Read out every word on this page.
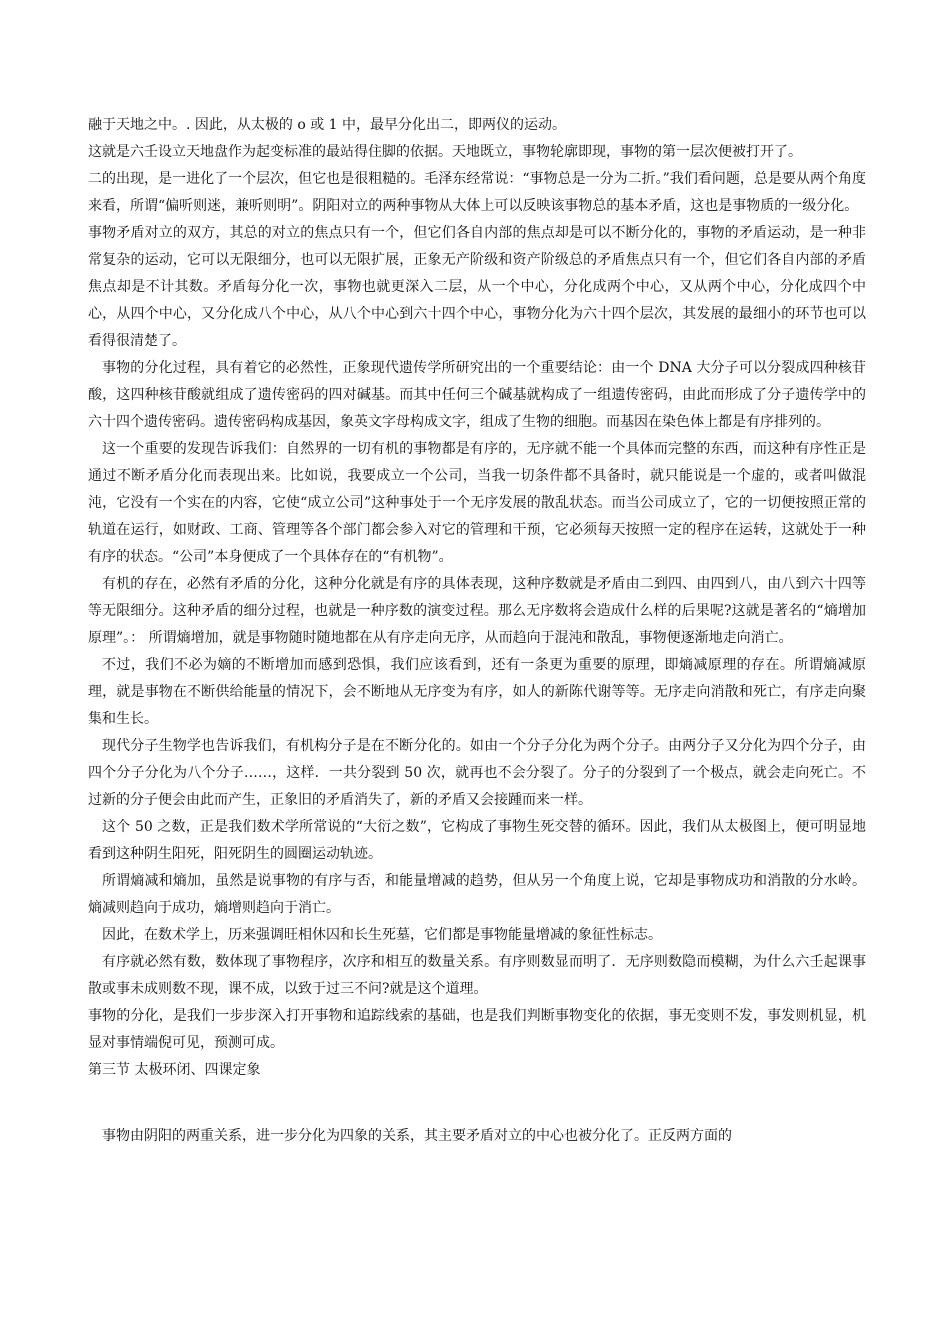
融于天地之中。. 因此，从太极的 o 或 1 中，最早分化出二，即两仪的运动。

这就是六壬设立天地盘作为起变标准的最站得住脚的依据。天地既立，事物轮廓即现，事物的第一层次便被打开了。

二的出现，是一进化了一个层次，但它也是很粗糙的。毛泽东经常说：“事物总是一分为二折。”我们看问题，总是要从两个角度来看，所谓“偏听则迷，兼听则明”。阴阳对立的两种事物从大体上可以反映该事物总的基本矛盾，这也是事物质的一级分化。

事物矛盾对立的双方，其总的对立的焦点只有一个，但它们各自内部的焦点却是可以不断分化的，事物的矛盾运动，是一种非常复杂的运动，它可以无限细分，也可以无限扩展，正象无产阶级和资产阶级总的矛盾焦点只有一个，但它们各自内部的矛盾焦点却是不计其数。矛盾每分化一次，事物也就更深入二层，从一个中心，分化成两个中心，又从两个中心，分化成四个中心，从四个中心，又分化成八个中心，从八个中心到六十四个中心，事物分化为六十四个层次，其发展的最细小的环节也可以看得很清楚了。

事物的分化过程，具有着它的必然性，正象现代遗传学所研究出的一个重要结论：由一个 DNA 大分子可以分裂成四种核苷酸，这四种核苷酸就组成了遗传密码的四对碱基。而其中任何三个碱基就构成了一组遗传密码，由此而形成了分子遗传学中的六十四个遗传密码。遗传密码构成基因，象英文字母构成文字，组成了生物的细胞。而基因在染色体上都是有序排列的。

这一个重要的发现告诉我们：自然界的一切有机的事物都是有序的，无序就不能一个具体而完整的东西，而这种有序性正是通过不断矛盾分化而表现出来。比如说，我要成立一个公司，当我一切条件都不具备时，就只能说是一个虚的，或者叫做混沌，它没有一个实在的内容，它使“成立公司”这种事处于一个无序发展的散乱状态。而当公司成立了，它的一切便按照正常的轨道在运行，如财政、工商、管理等各个部门都会参入对它的管理和干预，它必须每天按照一定的程序在运转，这就处于一种有序的状态。“公司”本身便成了一个具体存在的“有机物”。

有机的存在，必然有矛盾的分化，这种分化就是有序的具体表现，这种序数就是矛盾由二到四、由四到八，由八到六十四等等无限细分。这种矛盾的细分过程，也就是一种序数的演变过程。那么无序数将会造成什么样的后果呢?这就是著名的“熵增加原理”。： 所谓熵增加，就是事物随时随地都在从有序走向无序，从而趋向于混沌和散乱，事物便逐渐地走向消亡。

不过，我们不必为嫡的不断增加而感到恐惧，我们应该看到，还有一条更为重要的原理，即熵减原理的存在。所谓熵减原理，就是事物在不断供给能量的情况下，会不断地从无序变为有序，如人的新陈代谢等等。无序走向消散和死亡，有序走向聚集和生长。

现代分子生物学也告诉我们，有机构分子是在不断分化的。如由一个分子分化为两个分子。由两分子又分化为四个分子，由四个分子分化为八个分子……，这样．一共分裂到 50 次，就再也不会分裂了。分子的分裂到了一个极点，就会走向死亡。不过新的分子便会由此而产生，正象旧的矛盾消失了，新的矛盾又会接踵而来一样。

这个 50 之数，正是我们数术学所常说的“大衍之数”，它构成了事物生死交替的循环。因此，我们从太极图上，便可明显地看到这种阴生阳死，阳死阴生的圆圈运动轨迹。

所谓熵减和熵加，虽然是说事物的有序与否，和能量增减的趋势，但从另一个角度上说，它却是事物成功和消散的分水岭。熵减则趋向于成功，熵增则趋向于消亡。

因此，在数术学上，历来强调旺相休囚和长生死墓，它们都是事物能量增减的象征性标志。

有序就必然有数，数体现了事物程序，次序和相互的数量关系。有序则数显而明了．无序则数隐而模糊，为什么六壬起课事散或事未成则数不现，课不成，以致于过三不问?就是这个道理。

事物的分化，是我们一步步深入打开事物和追踪线索的基础，也是我们判断事物变化的依据，事无变则不发，事发则机显，机显对事情端倪可见，预测可成。

第三节 太极环闭、四课定象

事物由阴阳的两重关系，进一步分化为四象的关系，其主要矛盾对立的中心也被分化了。正反两方面的
